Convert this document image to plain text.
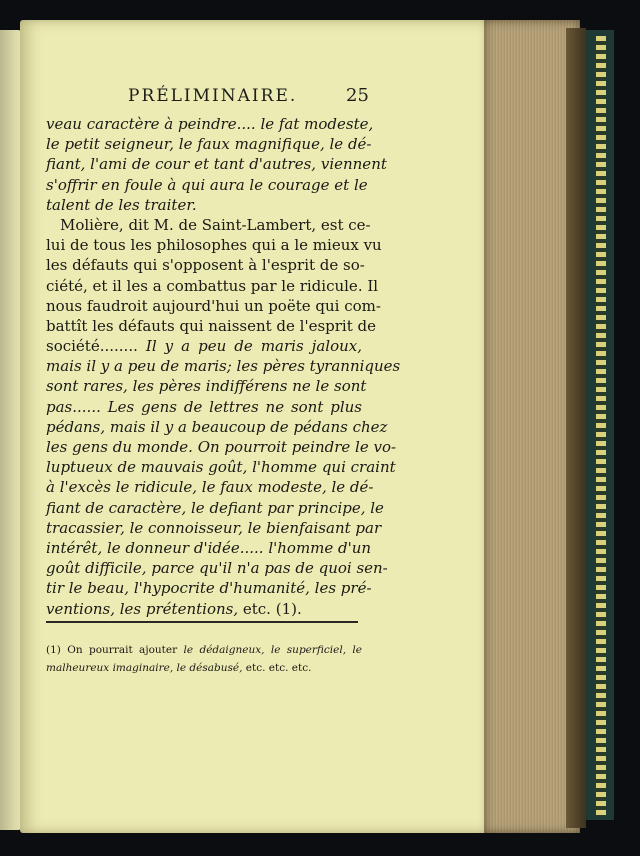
PRÉLIMINAIRE.	25
veau caractère à peindre.... le fat modeste,
le petit seigneur, le faux magnifique, le dé-
fiant, l'ami de cour et tant d'autres, viennent
s'offrir en foule à qui aura le courage et le
talent de les traiter.
Molière, dit M. de Saint-Lambert, est ce-
lui de tous les philosophes qui a le mieux vu
les défauts qui s'opposent à l'esprit de so-
ciété, et il les a combattus par le ridicule. Il
nous faudroit aujourd'hui un poëte qui com-
battît les défauts qui naissent de l'esprit de
société........ Il y a peu de maris jaloux,
mais il y a peu de maris; les pères tyranniques
sont rares, les pères indifférens ne le sont
pas...... Les gens de lettres ne sont plus
pédans, mais il y a beaucoup de pédans chez
les gens du monde. On pourroit peindre le vo-
luptueux de mauvais goût, l'homme qui craint
à l'excès le ridicule, le faux modeste, le dé-
fiant de caractère, le defiant par principe, le
tracassier, le connoisseur, le bienfaisant par
intérêt, le donneur d'idée..... l'homme d'un
goût difficile, parce qu'il n'a pas de quoi sen-
tir le beau, l'hypocrite d'humanité, les pré-
ventions, les prétentions, etc. (1).
(1) On pourrait ajouter le dédaigneux, le superficiel, le
malheureux imaginaire, le désabusé, etc. etc. etc.
